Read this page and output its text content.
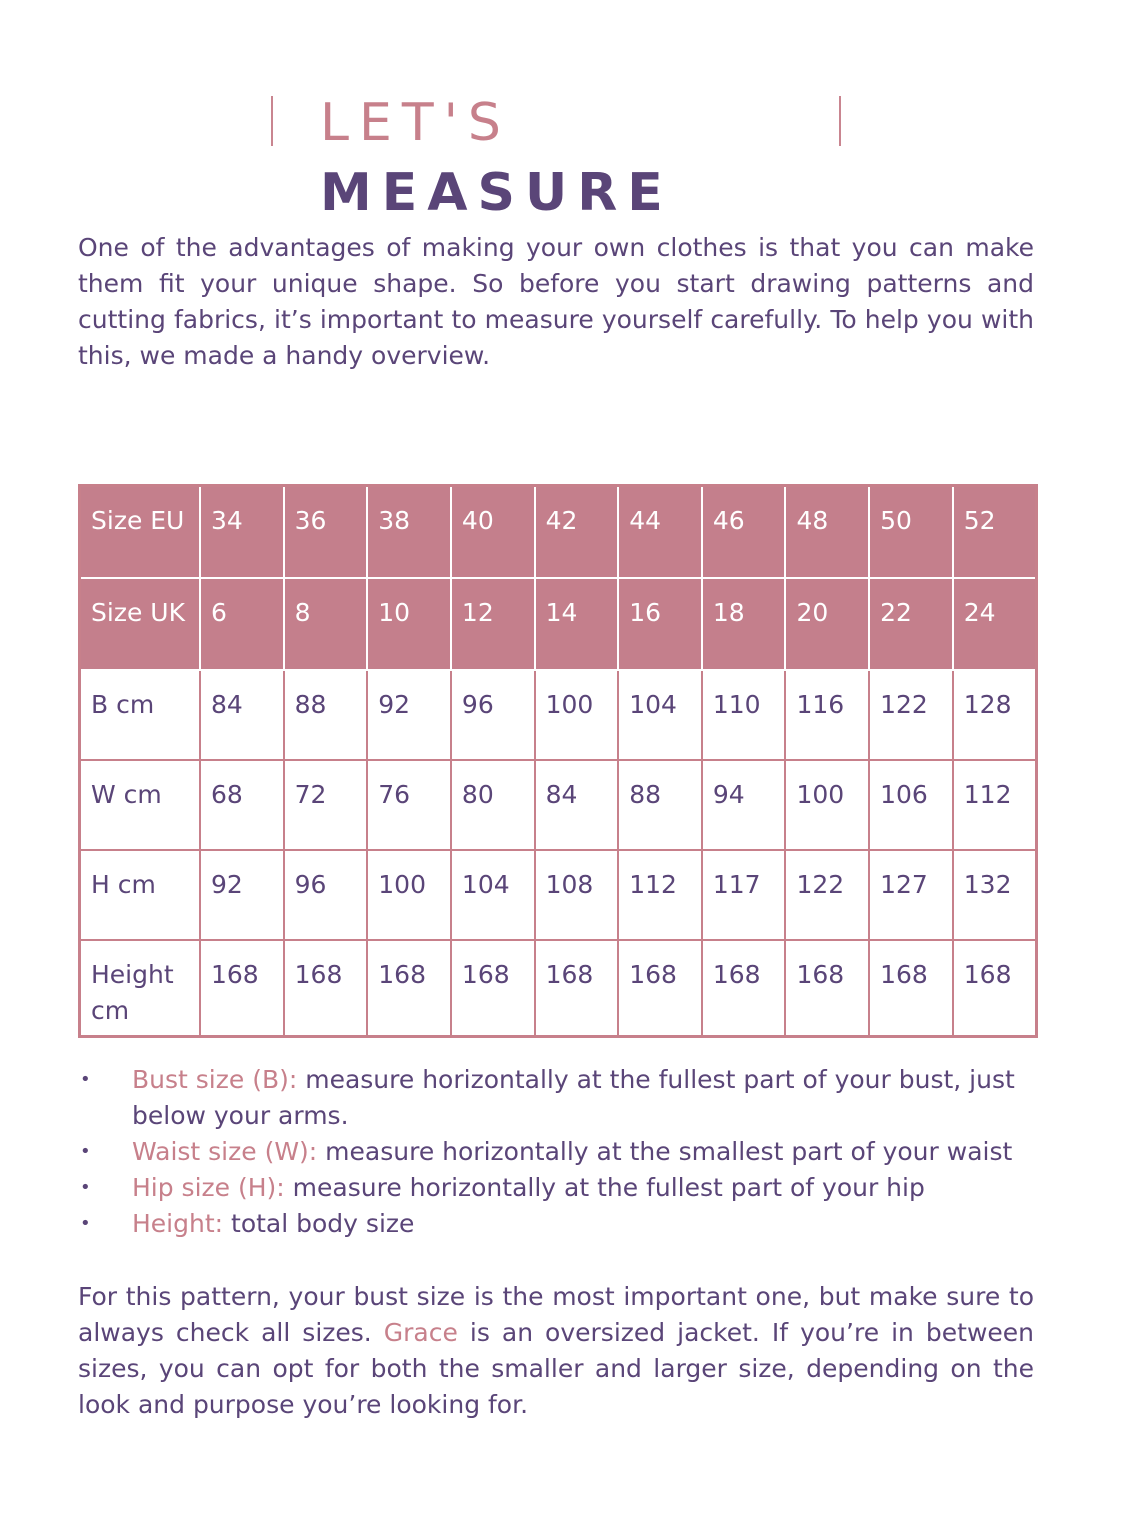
LET'S MEASURE

One of the advantages of making your own clothes is that you can make them fit your unique shape. So before you start drawing patterns and cutting fabrics, it’s important to measure yourself carefully. To help you with this, we made a handy overview.

Size EU	34	36	38	40	42	44	46	48	50	52
Size UK	6	8	10	12	14	16	18	20	22	24
B cm	84	88	92	96	100	104	110	116	122	128
W cm	68	72	76	80	84	88	94	100	106	112
H cm	92	96	100	104	108	112	117	122	127	132
Height cm	168	168	168	168	168	168	168	168	168	168
• Bust size (B): measure horizontally at the fullest part of your bust, just below your arms.
• Waist size (W): measure horizontally at the smallest part of your waist
• Hip size (H): measure horizontally at the fullest part of your hip
• Height: total body size

For this pattern, your bust size is the most important one, but make sure to always check all sizes. Grace is an oversized jacket. If you’re in between sizes, you can opt for both the smaller and larger size, depending on the look and purpose you’re looking for.
